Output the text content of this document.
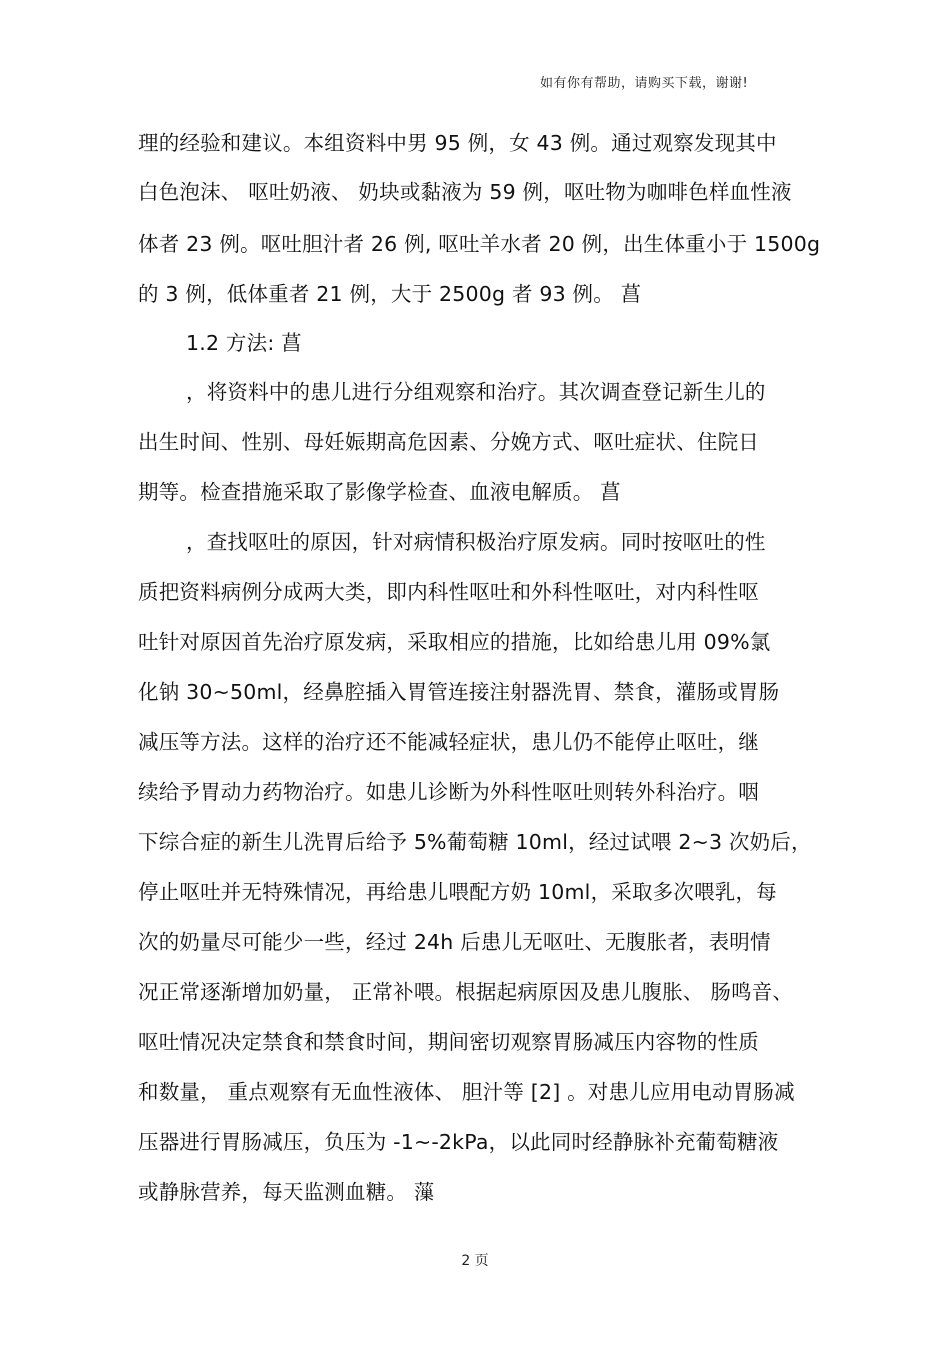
如有你有帮助，请购买下载，谢谢!
理的经验和建议。本组资料中男 95 例，女 43 例。通过观察发现其中
白色泡沫、 呕吐奶液、 奶块或黏液为 59 例，呕吐物为咖啡色样血性液
体者 23 例。呕吐胆汁者 26 例, 呕吐羊水者 20 例，出生体重小于 1500g
的 3 例，低体重者 21 例，大于 2500g 者 93 例。 菖
1.2 方法: 菖
，将资料中的患儿进行分组观察和治疗。其次调查登记新生儿的
出生时间、性别、母妊娠期高危因素、分娩方式、呕吐症状、住院日
期等。检查措施采取了影像学检查、血液电解质。 菖
，查找呕吐的原因，针对病情积极治疗原发病。同时按呕吐的性
质把资料病例分成两大类，即内科性呕吐和外科性呕吐，对内科性呕
吐针对原因首先治疗原发病，采取相应的措施，比如给患儿用 09%氯
化钠 30~50ml，经鼻腔插入胃管连接注射器洗胃、禁食，灌肠或胃肠
减压等方法。这样的治疗还不能减轻症状，患儿仍不能停止呕吐，继
续给予胃动力药物治疗。如患儿诊断为外科性呕吐则转外科治疗。咽
下综合症的新生儿洗胃后给予 5%葡萄糖 10ml，经过试喂 2~3 次奶后，
停止呕吐并无特殊情况，再给患儿喂配方奶 10ml，采取多次喂乳，每
次的奶量尽可能少一些，经过 24h 后患儿无呕吐、无腹胀者，表明情
况正常逐渐增加奶量， 正常补喂。根据起病原因及患儿腹胀、 肠鸣音、
呕吐情况决定禁食和禁食时间，期间密切观察胃肠减压内容物的性质
和数量， 重点观察有无血性液体、 胆汁等 [2] 。对患儿应用电动胃肠减
压器进行胃肠减压，负压为 -1~-2kPa，以此同时经静脉补充葡萄糖液
或静脉营养，每天监测血糖。 薻
2 页
